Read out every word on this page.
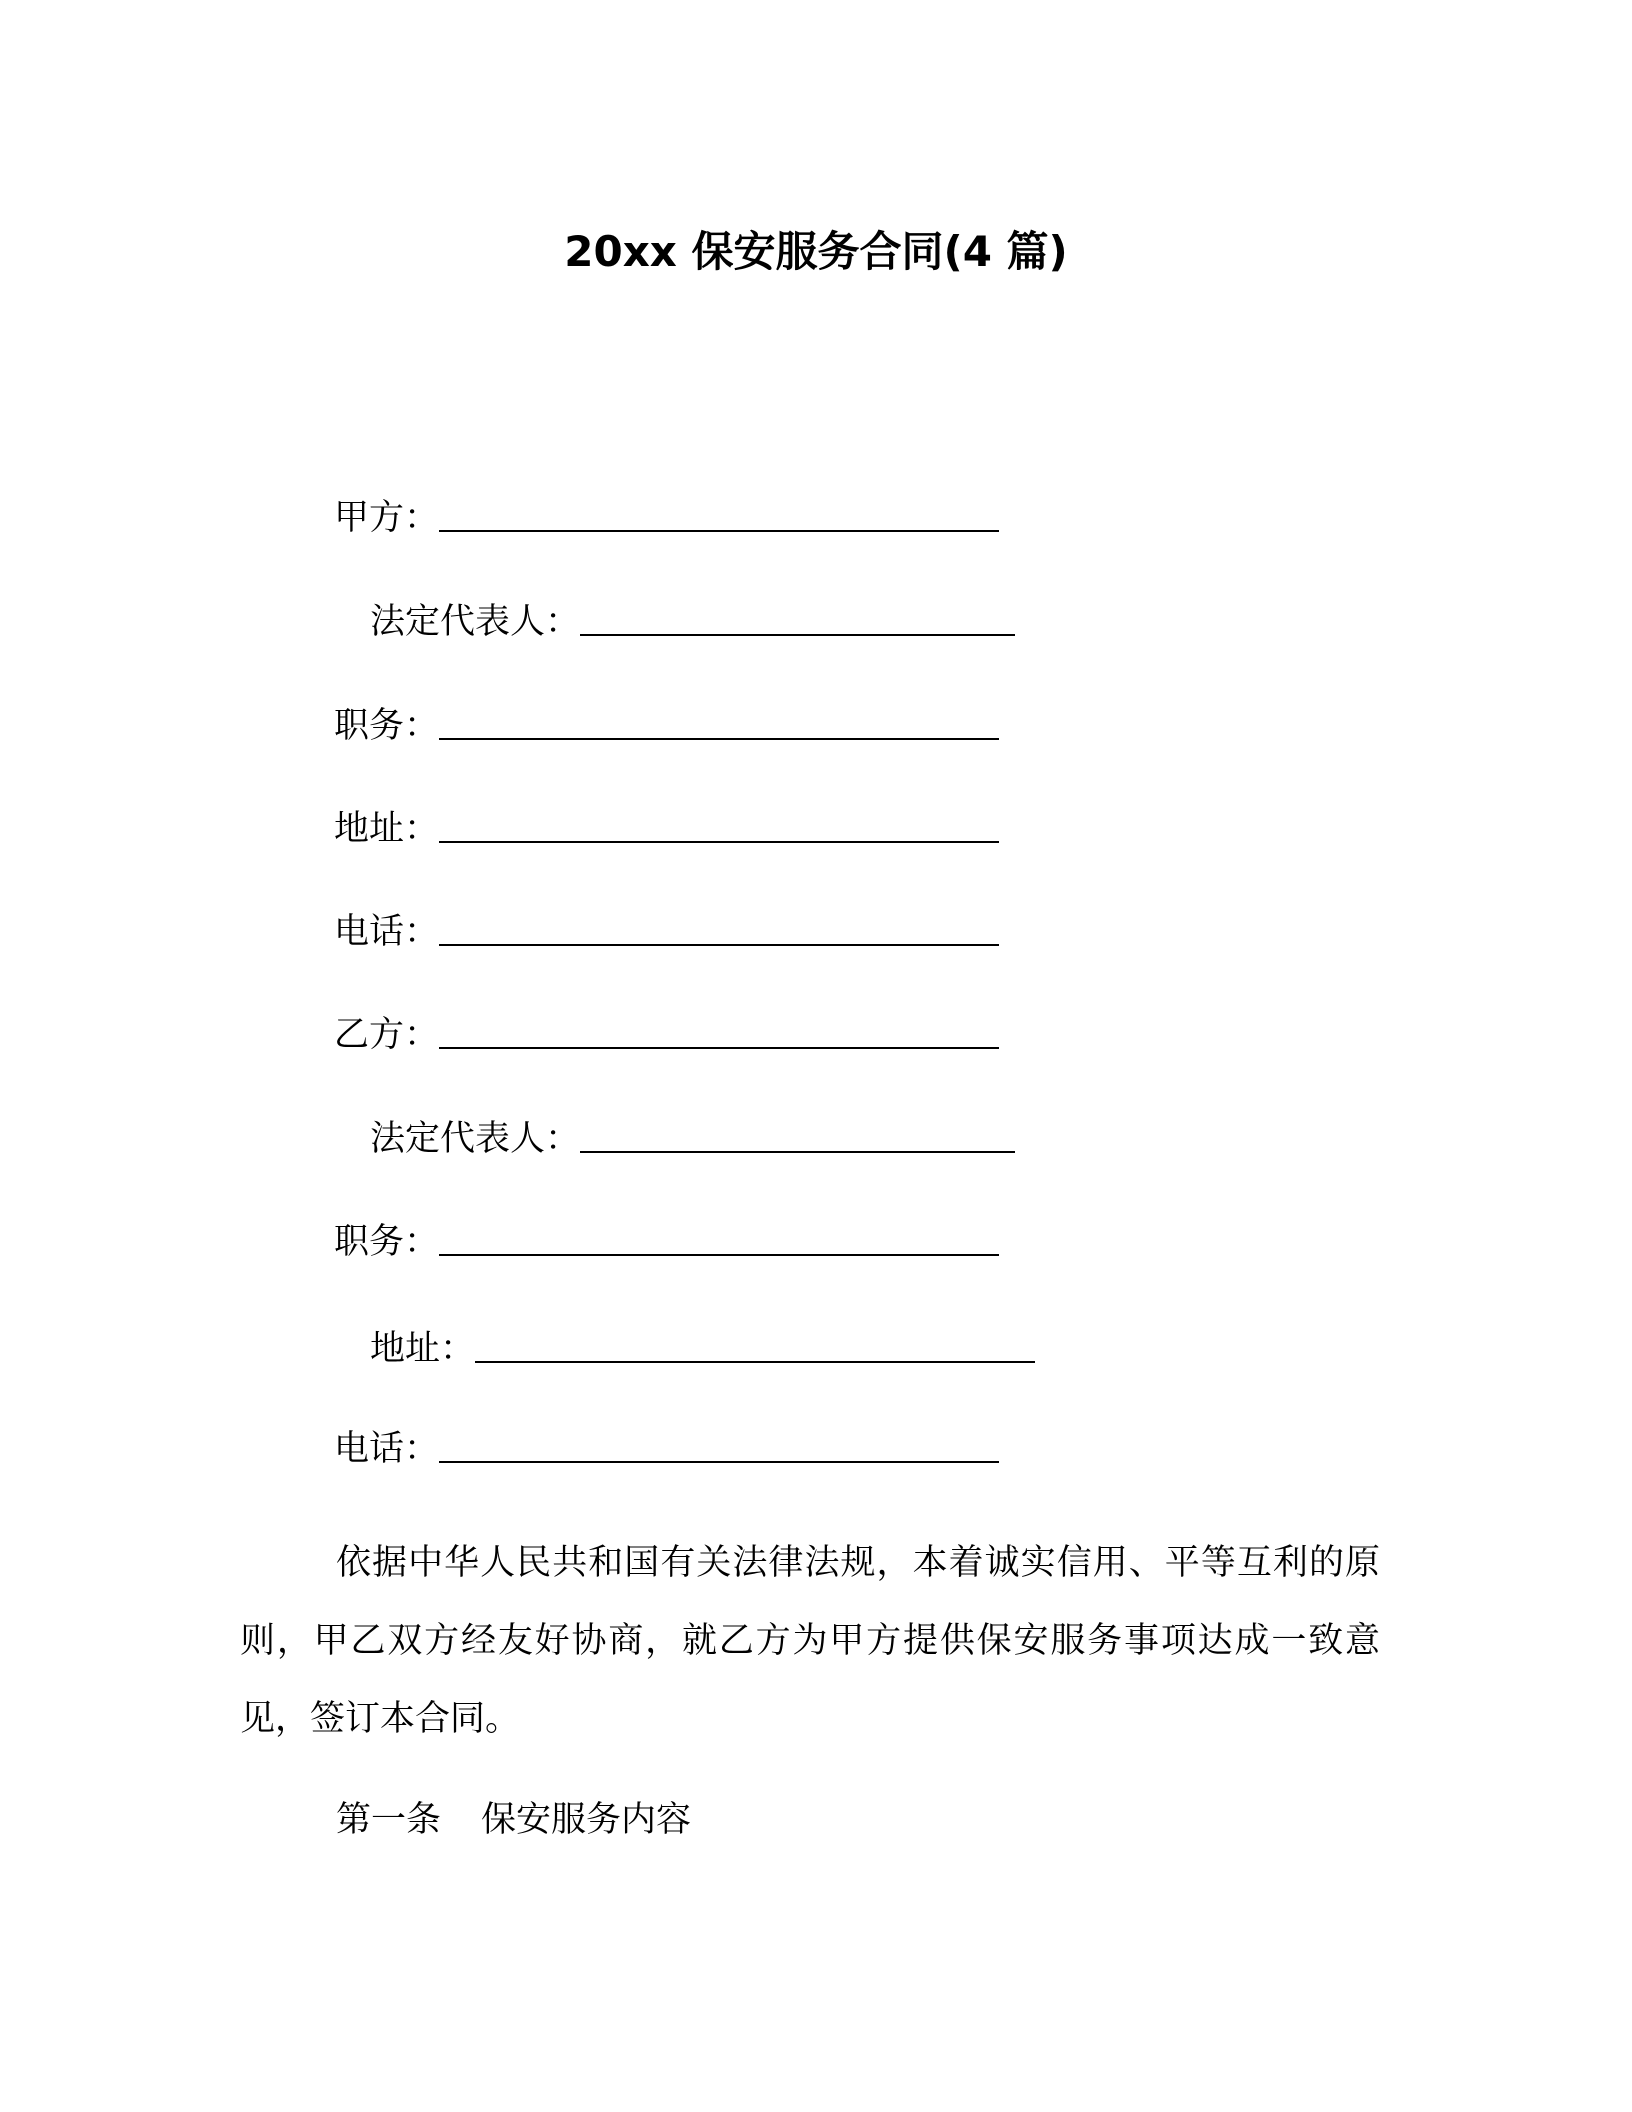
20xx 保安服务合同(4 篇)
甲方：
法定代表人：
职务：
地址：
电话：
乙方：
法定代表人：
职务：
地址：
电话：
依据中华人民共和国有关法律法规，本着诚实信用、平等互利的原则，甲乙双方经友好协商，就乙方为甲方提供保安服务事项达成一致意见，签订本合同。
第一条 保安服务内容
